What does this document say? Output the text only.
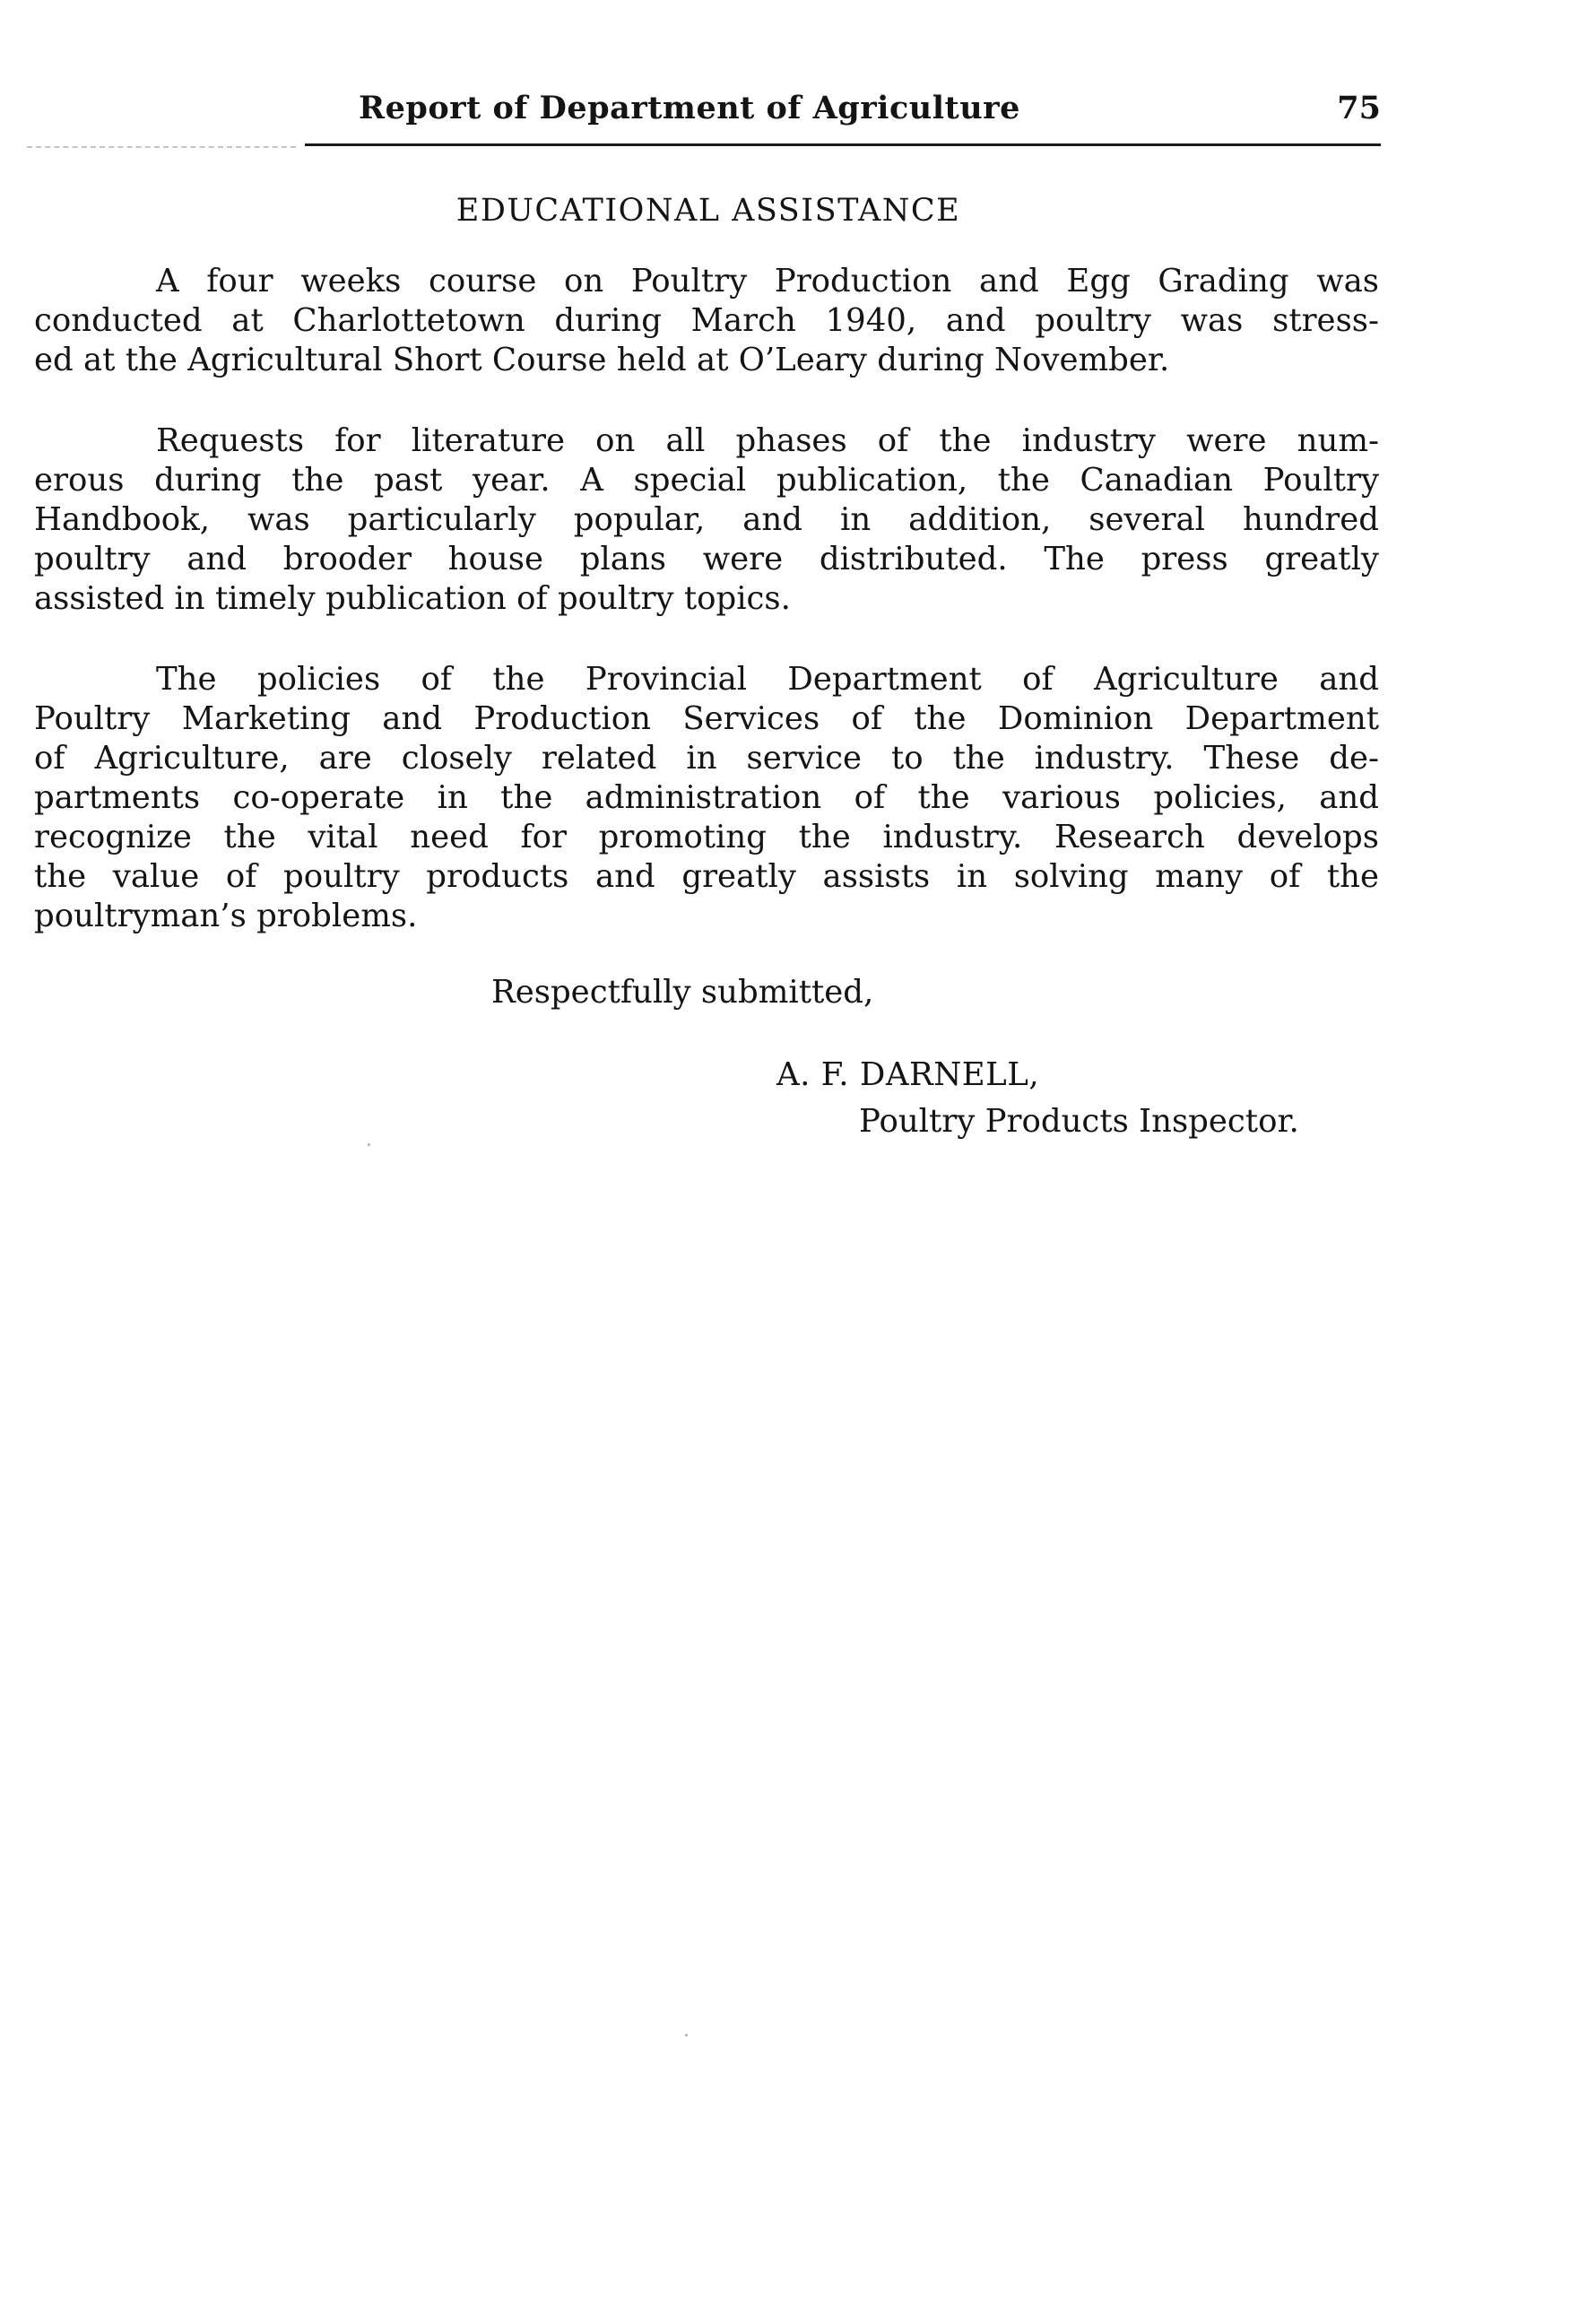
Report of Department of Agriculture	75
EDUCATIONAL ASSISTANCE
A four weeks course on Poultry Production and Egg Grading was
conducted at Charlottetown during March 1940, and poultry was stress-
ed at the Agricultural Short Course held at O’Leary during November.
Requests for literature on all phases of the industry were num-
erous during the past year. A special publication, the Canadian Poultry
Handbook, was particularly popular, and in addition, several hundred
poultry and brooder house plans were distributed. The press greatly
assisted in timely publication of poultry topics.
The policies of the Provincial Department of Agriculture and
Poultry Marketing and Production Services of the Dominion Department
of Agriculture, are closely related in service to the industry. These de-
partments co-operate in the administration of the various policies, and
recognize the vital need for promoting the industry. Research develops
the value of poultry products and greatly assists in solving many of the
poultryman’s problems.
Respectfully submitted,
A. F. DARNELL,
Poultry Products Inspector.
